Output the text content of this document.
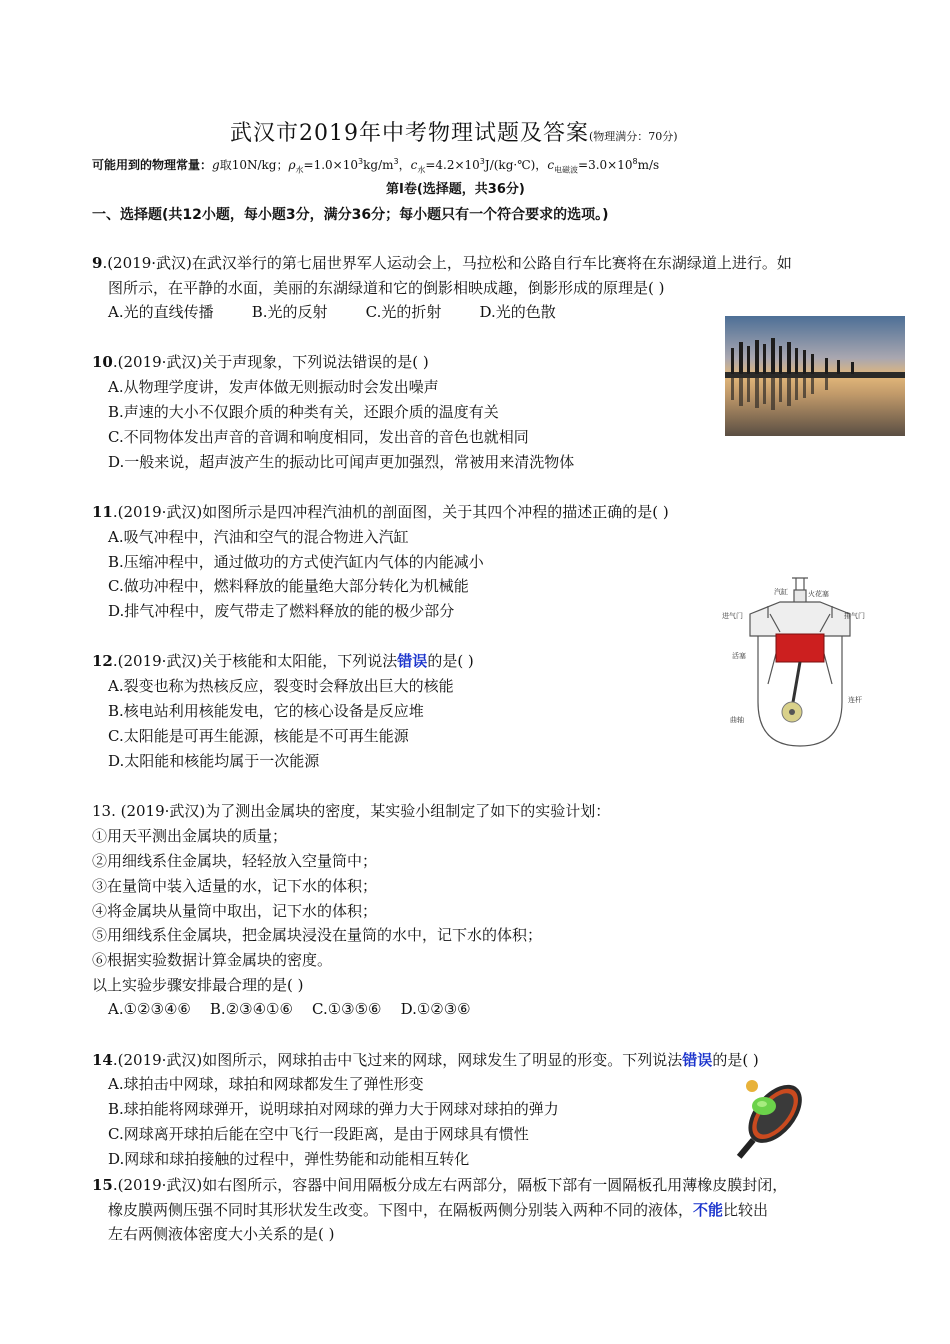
武汉市2019年中考物理试题及答案(物理满分：70分)
可能用到的物理常量：g取10N/kg；$\rho_水=1.0\times 10^3kg/m^3$，$c_水=4.2\times 10^3J/(kg\cdot℃)$，$c_{电磁波}=3.0\times 10^8m/s$
第Ⅰ卷(选择题，共36分)
一、选择题(共12小题，每小题3分，满分36分；每小题只有一个符合要求的选项。)
9.(2019·武汉)在武汉举行的第七届世界军人运动会上，马拉松和公路自行车比赛将在东湖绿道上进行。如
图所示，在平静的水面，美丽的东湖绿道和它的倒影相映成趣，倒影形成的原理是( )
A.光的直线传播        B.光的反射        C.光的折射        D.光的色散
10.(2019·武汉)关于声现象，下列说法错误的是( )
A.从物理学度讲，发声体做无则振动时会发出噪声
B.声速的大小不仅跟介质的种类有关，还跟介质的温度有关
C.不同物体发出声音的音调和响度相同，发出音的音色也就相同
D.一般来说，超声波产生的振动比可闻声更加强烈，常被用来清洗物体
11.(2019·武汉)如图所示是四冲程汽油机的剖面图，关于其四个冲程的描述正确的是( )
A.吸气冲程中，汽油和空气的混合物进入汽缸
B.压缩冲程中，通过做功的方式使汽缸内气体的内能减小
C.做功冲程中，燃料释放的能量绝大部分转化为机械能
D.排气冲程中，废气带走了燃料释放的能的极少部分
汽缸	火花塞
进气门	排气门
活塞
连杆
曲轴
12.(2019·武汉)关于核能和太阳能，下列说法错误的是( )
A.裂变也称为热核反应，裂变时会释放出巨大的核能
B.核电站利用核能发电，它的核心设备是反应堆
C.太阳能是可再生能源，核能是不可再生能源
D.太阳能和核能均属于一次能源
13. (2019·武汉)为了测出金属块的密度，某实验小组制定了如下的实验计划：
①用天平测出金属块的质量；
②用细线系住金属块，轻轻放入空量筒中；
③在量筒中装入适量的水，记下水的体积；
④将金属块从量筒中取出，记下水的体积；
⑤用细线系住金属块，把金属块浸没在量筒的水中，记下水的体积；
⑥根据实验数据计算金属块的密度。
以上实验步骤安排最合理的是( )
A.①②③④⑥    B.②③④①⑥    C.①③⑤⑥    D.①②③⑥
14.(2019·武汉)如图所示，网球拍击中飞过来的网球，网球发生了明显的形变。下列说法错误的是( )
A.球拍击中网球，球拍和网球都发生了弹性形变
B.球拍能将网球弹开，说明球拍对网球的弹力大于网球对球拍的弹力
C.网球离开球拍后能在空中飞行一段距离，是由于网球具有惯性
D.网球和球拍接触的过程中，弹性势能和动能相互转化
15.(2019·武汉)如右图所示，容器中间用隔板分成左右两部分，隔板下部有一圆隔板孔用薄橡皮膜封闭，
橡皮膜两侧压强不同时其形状发生改变。下图中，在隔板两侧分别装入两种不同的液体，不能比较出
左右两侧液体密度大小关系的是( )
